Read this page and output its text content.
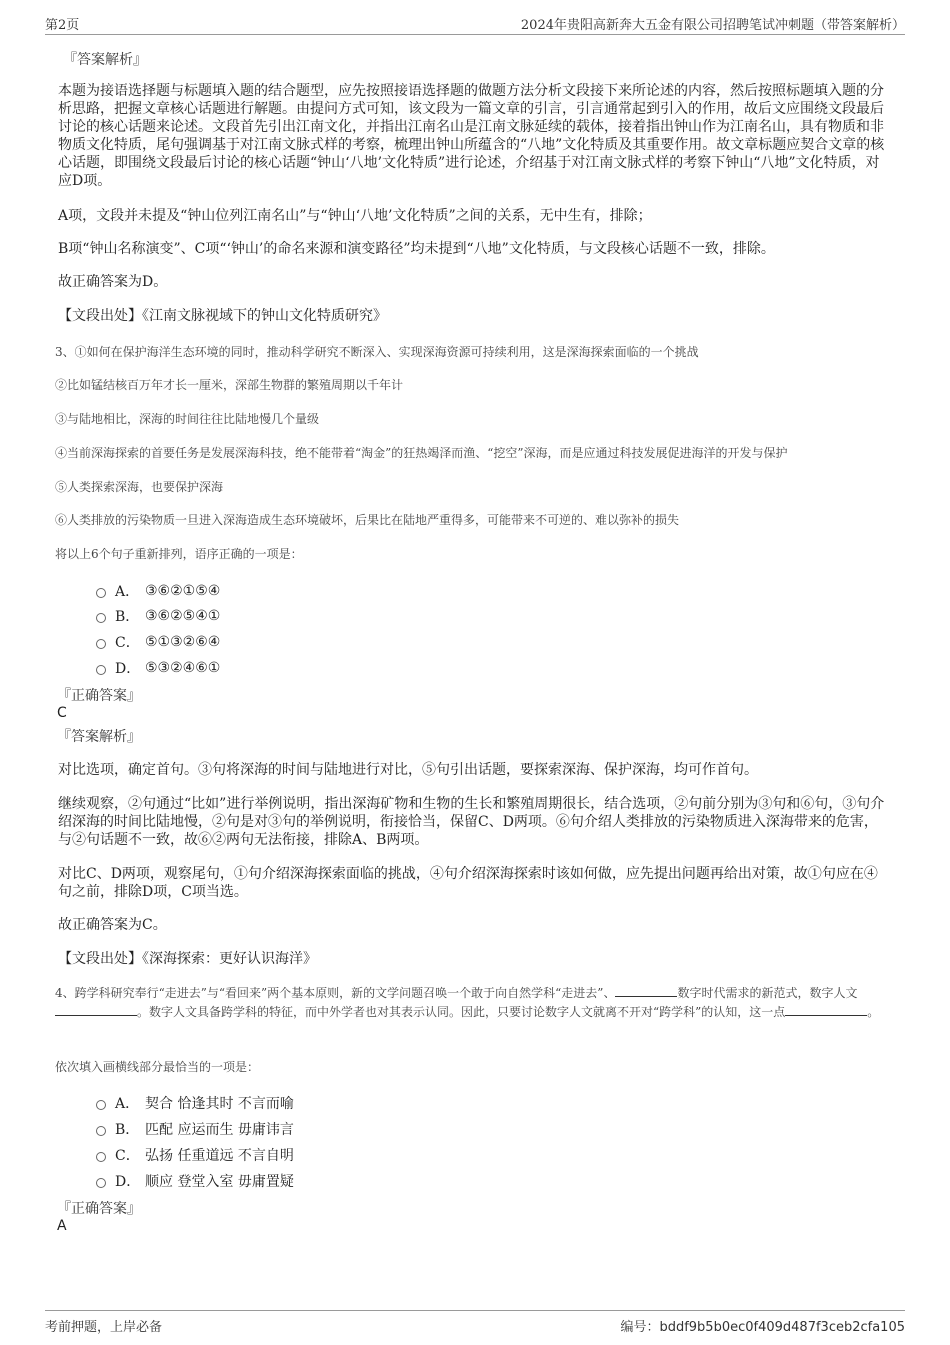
第2页	2024年贵阳高新奔大五金有限公司招聘笔试冲刺题（带答案解析）
『答案解析』
本题为接语选择题与标题填入题的结合题型，应先按照接语选择题的做题方法分析文段接下来所论述的内容，然后按照标题填入题的分析思路，把握文章核心话题进行解题。由提问方式可知，该文段为一篇文章的引言，引言通常起到引入的作用，故后文应围绕文段最后讨论的核心话题来论述。文段首先引出江南文化，并指出江南名山是江南文脉延续的载体，接着指出钟山作为江南名山，具有物质和非物质文化特质，尾句强调基于对江南文脉式样的考察，梳理出钟山所蕴含的“八地”文化特质及其重要作用。故文章标题应契合文章的核心话题，即围绕文段最后讨论的核心话题“钟山‘八地’文化特质”进行论述，介绍基于对江南文脉式样的考察下钟山“八地”文化特质，对应D项。
A项，文段并未提及“钟山位列江南名山”与“钟山‘八地’文化特质”之间的关系，无中生有，排除；
B项“钟山名称演变”、C项“‘钟山’的命名来源和演变路径”均未提到“八地”文化特质，与文段核心话题不一致，排除。
故正确答案为D。
【文段出处】《江南文脉视域下的钟山文化特质研究》
3、①如何在保护海洋生态环境的同时，推动科学研究不断深入、实现深海资源可持续利用，这是深海探索面临的一个挑战
②比如锰结核百万年才长一厘米，深部生物群的繁殖周期以千年计
③与陆地相比，深海的时间往往比陆地慢几个量级
④当前深海探索的首要任务是发展深海科技，绝不能带着“淘金”的狂热竭泽而渔、“挖空”深海，而是应通过科技发展促进海洋的开发与保护
⑤人类探索深海，也要保护深海
⑥人类排放的污染物质一旦进入深海造成生态环境破坏，后果比在陆地严重得多，可能带来不可逆的、难以弥补的损失
将以上6个句子重新排列，语序正确的一项是：
A． ③⑥②①⑤④
B． ③⑥②⑤④①
C． ⑤①③②⑥④
D． ⑤③②④⑥①
『正确答案』
C
『答案解析』
对比选项，确定首句。③句将深海的时间与陆地进行对比，⑤句引出话题，要探索深海、保护深海，均可作首句。
继续观察，②句通过“比如”进行举例说明，指出深海矿物和生物的生长和繁殖周期很长，结合选项，②句前分别为③句和⑥句，③句介绍深海的时间比陆地慢，②句是对③句的举例说明，衔接恰当，保留C、D两项。⑥句介绍人类排放的污染物质进入深海带来的危害，与②句话题不一致，故⑥②两句无法衔接，排除A、B两项。
对比C、D两项，观察尾句，①句介绍深海探索面临的挑战，④句介绍深海探索时该如何做，应先提出问题再给出对策，故①句应在④句之前，排除D项，C项当选。
故正确答案为C。
【文段出处】《深海探索：更好认识海洋》
4、跨学科研究奉行“走进去”与“看回来”两个基本原则，新的文学问题召唤一个敢于向自然学科“走进去”、	数字时代需求的新范式，数字人文。数字人文具备跨学科的特征，而中外学者也对其表示认同。因此，只要讨论数字人文就离不开对“跨学科”的认知，这一点	。
依次填入画横线部分最恰当的一项是：
A． 契合 恰逢其时 不言而喻
B． 匹配 应运而生 毋庸讳言
C． 弘扬 任重道远 不言自明
D． 顺应 登堂入室 毋庸置疑
『正确答案』
A
考前押题，上岸必备	编号：bddf9b5b0ec0f409d487f3ceb2cfa105
